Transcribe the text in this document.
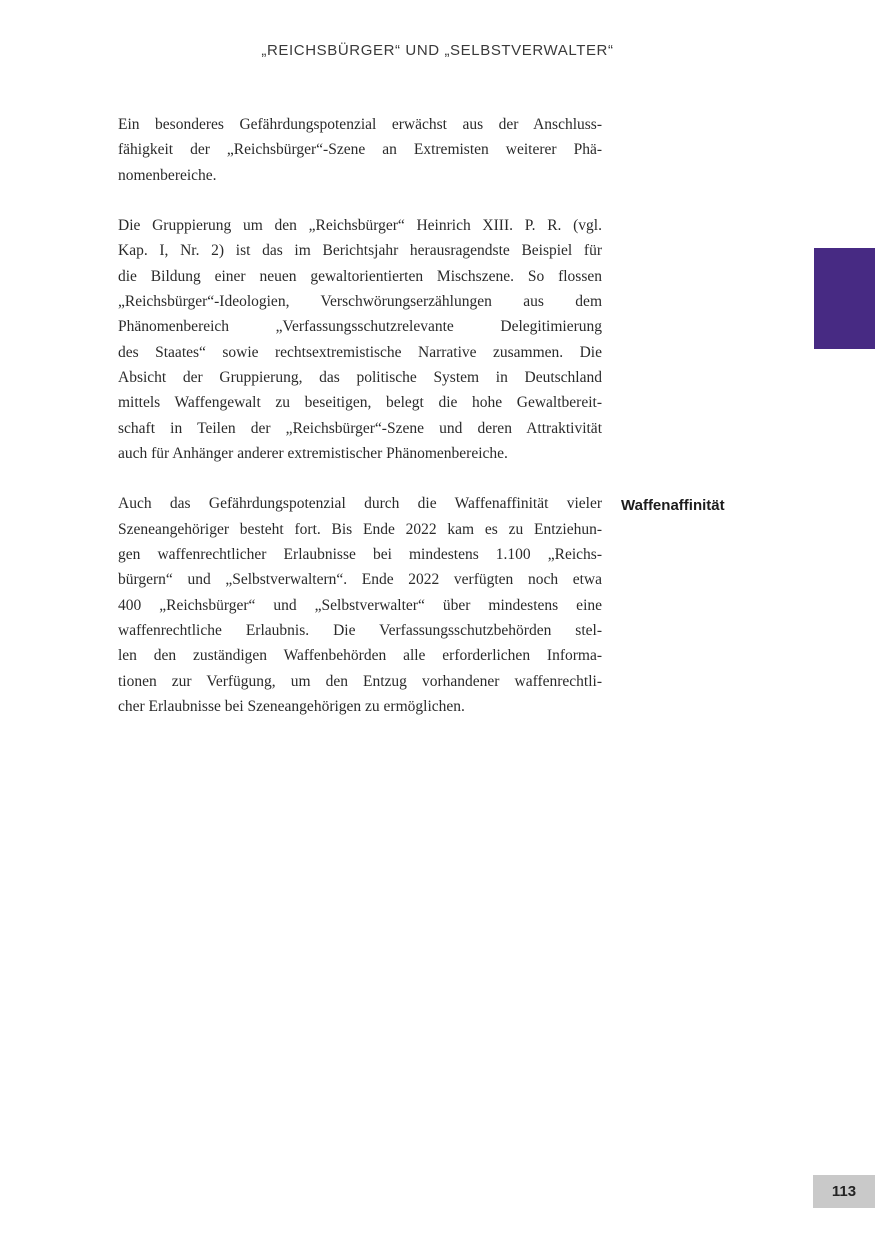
„REICHSBÜRGER“ UND „SELBSTVERWALTER“
Ein besonderes Gefährdungspotenzial erwächst aus der Anschluss-
fähigkeit der „Reichsbürger“-Szene an Extremisten weiterer Phä-
nomenbereiche.
Die Gruppierung um den „Reichsbürger“ Heinrich XIII. P. R. (vgl.
Kap. I, Nr. 2) ist das im Berichtsjahr herausragendste Beispiel für
die Bildung einer neuen gewaltorientierten Mischszene. So flossen
„Reichsbürger“-Ideologien, Verschwörungserzählungen aus dem
Phänomenbereich „Verfassungsschutzrelevante Delegitimierung
des Staates“ sowie rechtsextremistische Narrative zusammen. Die
Absicht der Gruppierung, das politische System in Deutschland
mittels Waffengewalt zu beseitigen, belegt die hohe Gewaltbereit-
schaft in Teilen der „Reichsbürger“-Szene und deren Attraktivität
auch für Anhänger anderer extremistischer Phänomenbereiche.
Auch das Gefährdungspotenzial durch die Waffenaffinität vieler
Szeneangehöriger besteht fort. Bis Ende 2022 kam es zu Entziehun-
gen waffenrechtlicher Erlaubnisse bei mindestens 1.100 „Reichs-
bürgern“ und „Selbstverwaltern“. Ende 2022 verfügten noch etwa
400 „Reichsbürger“ und „Selbstverwalter“ über mindestens eine
waffenrechtliche Erlaubnis. Die Verfassungsschutzbehörden stel-
len den zuständigen Waffenbehörden alle erforderlichen Informa-
tionen zur Verfügung, um den Entzug vorhandener waffenrechtli-
cher Erlaubnisse bei Szeneangehörigen zu ermöglichen.
Waffenaffinität
113
